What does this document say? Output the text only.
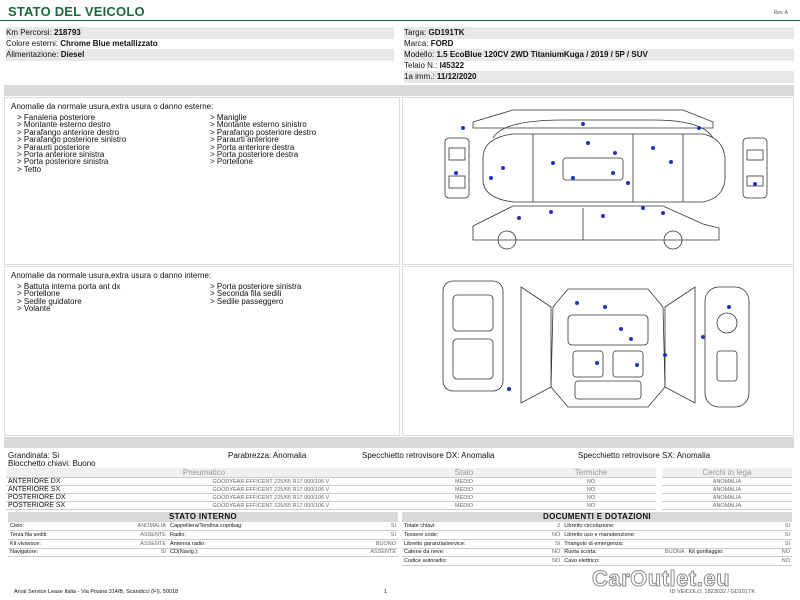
STATO DEL VEICOLO	Rev. A
Km Percorsi: 218793
Colore esterni: Chrome Blue metallizzato
Alimentazione: Diesel
Targa: GD191TK
Marca: FORD
Modello: 1.5 EcoBlue 120CV 2WD TitaniumKuga / 2019 / 5P / SUV
Telaio N.: I45322
1a imm.: 11/12/2020
Anomalie da normale usura,extra usura o danno esterne:
> Fanaleria posteriore
> Montante esterno destro
> Parafango anteriore destro
> Parafango posteriore sinistro
> Paraurti posteriore
> Porta anteriore sinistra
> Porta posteriore sinistra
> Tetto
> Maniglie
> Montante esterno sinistro
> Parafango posteriore destro
> Paraurti anteriore
> Porta anteriore destra
> Porta posteriore destra
> Portellone
Anomalie da normale usura,extra usura o danno interne:
> Battuta interna porta ant dx
> Portellone
> Sedile guidatore
> Volante
> Porta posteriore sinistra
> Seconda fila sedili
> Sedile passeggero
Grandinata: Si	Parabrezza: Anomalia	Specchietto retrovisore DX: Anomalia	Specchietto retrovisore SX: Anomalia
Blocchetto chiavi: Buono
Pneumatico		Stato	Termiche		Cerchi in lega
ANTERIORE DX	GOODYEAR EFFICENT 225/65 R17 000/106 V	MEDIO	NO		ANOMALIA
ANTERIORE SX	GOODYEAR EFFICENT 225/65 R17 000/106 V	MEDIO	NO		ANOMALIA
POSTERIORE DX	GOODYEAR EFFICENT 225/65 R17 000/106 V	MEDIO	NO		ANOMALIA
POSTERIORE SX	GOODYEAR EFFICENT 225/65 R17 000/106 V	MEDIO	NO		ANOMALIA
STATO INTERNO
Cielo:	ANOMALIA	Cappelliera/Tendina copribag:	SI
Terza fila sedili:	ASSENTE	Radio:	SI
Kit vivavoce:	ASSENTE	Antenna radio:	BUONO
Navigatore:	SI	CD(Navig.):	ASSENTE
DOCUMENTI E DOTAZIONI
Totale chiavi:	2	Libretto circolazione:			SI
Tessere code:	NO	Libretto uso e manutenzione:			SI
Libretto garanzia/service:	SI	Triangolo di emergenza:			SI
Catene da neve:	NO	Ruota scorta:	BUONA	Kit gonfiaggio:	NO
Codice autoradio:	NO	Cavo elettrico:			NO
Arval Service Lease Italia - Via Pisana 314/B, Scandicci (FI), 50018	1	ID VEICOLO: 1823032 / GD191TK
CarOutlet.eu
